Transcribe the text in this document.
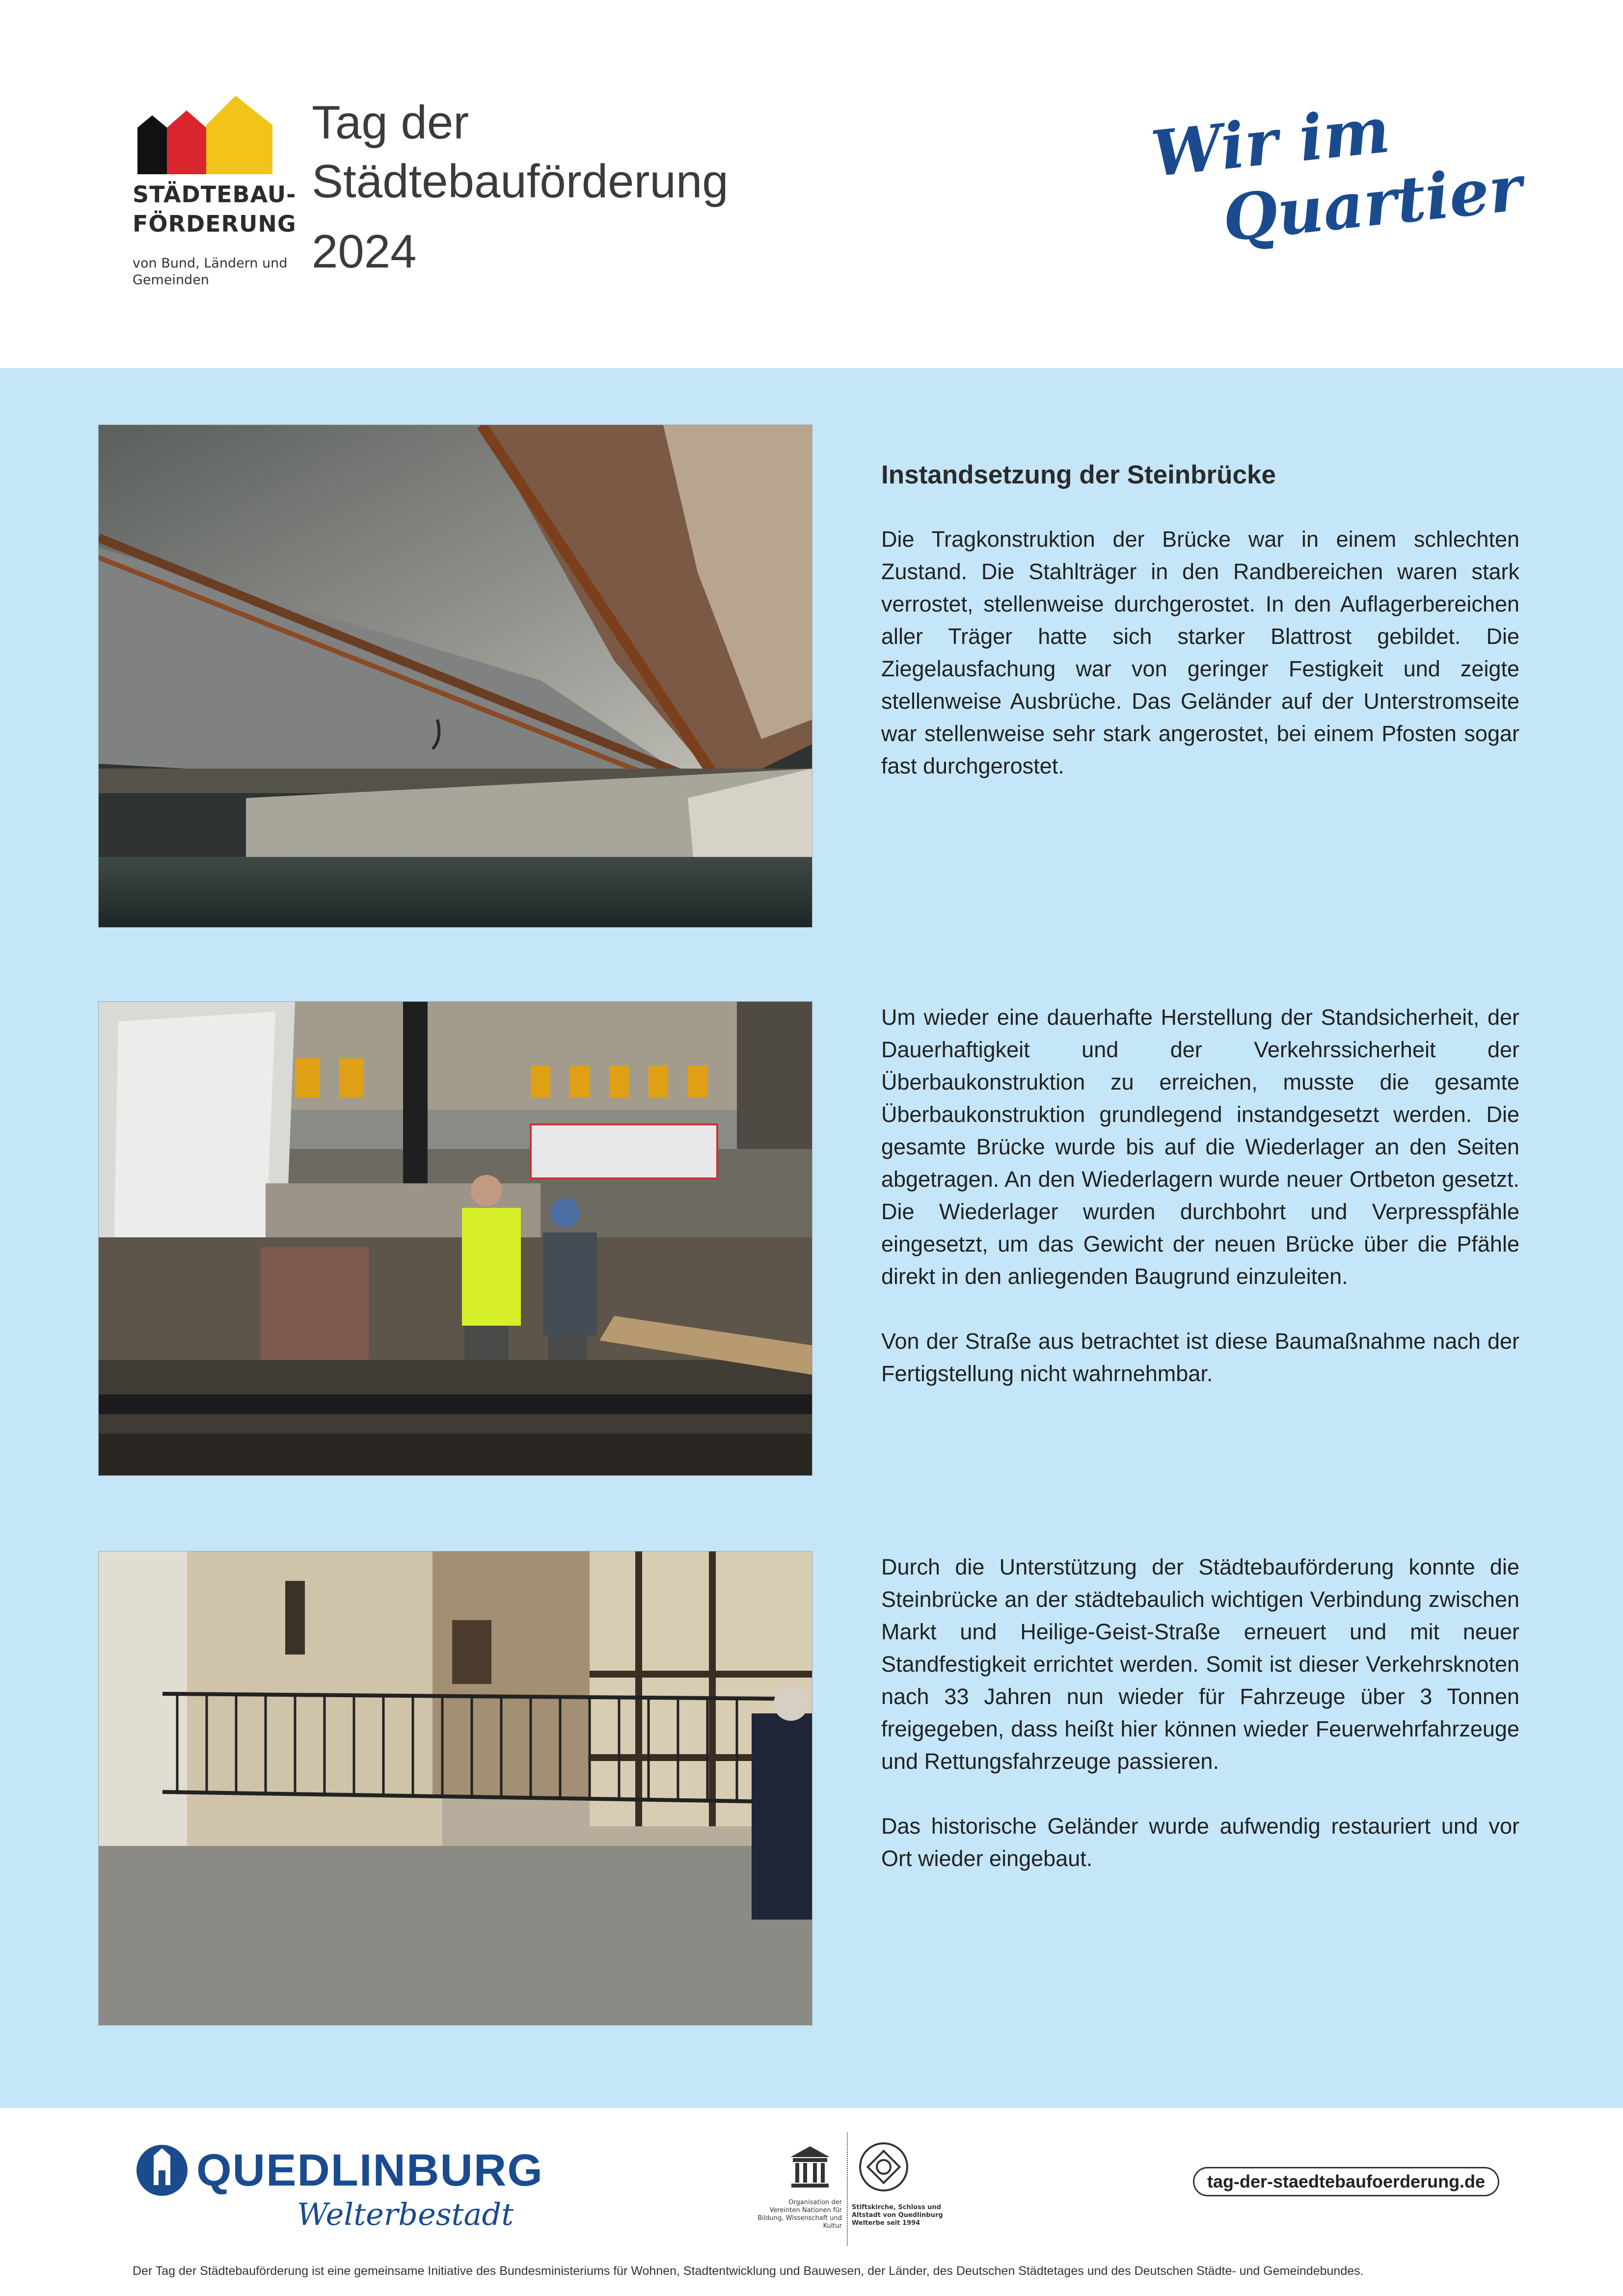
STÄDTEBAU-
FÖRDERUNG
von Bund, Ländern und Gemeinden
Tag der
Städtebauförderung
2024
Wir im
Quartier

Instandsetzung der Steinbrücke

Die Tragkonstruktion der Brücke war in einem schlechten Zustand. Die Stahlträger in den Randbereichen waren stark verrostet, stellenweise durchgerostet. In den Auflagerbereichen aller Träger hatte sich starker Blattrost gebildet. Die Ziegelausfachung war von geringer Festigkeit und zeigte stellenweise Ausbrüche. Das Geländer auf der Unterstromseite war stellenweise sehr stark angerostet, bei einem Pfosten sogar fast durchgerostet.

Um wieder eine dauerhafte Herstellung der Standsicherheit, der Dauerhaftigkeit und der Verkehrssicherheit der Überbaukonstruktion zu erreichen, musste die gesamte Überbaukonstruktion grundlegend instandgesetzt werden. Die gesamte Brücke wurde bis auf die Wiederlager an den Seiten abgetragen. An den Wiederlagern wurde neuer Ortbeton gesetzt. Die Wiederlager wurden durchbohrt und Verpresspfähle eingesetzt, um das Gewicht der neuen Brücke über die Pfähle direkt in den anliegenden Baugrund einzuleiten.

Von der Straße aus betrachtet ist diese Baumaßnahme nach der Fertigstellung nicht wahrnehmbar.

Durch die Unterstützung der Städtebauförderung konnte die Steinbrücke an der städtebaulich wichtigen Verbindung zwischen Markt und Heilige-Geist-Straße erneuert und mit neuer Standfestigkeit errichtet werden. Somit ist dieser Verkehrsknoten nach 33 Jahren nun wieder für Fahrzeuge über 3 Tonnen freigegeben, dass heißt hier können wieder Feuerwehrfahrzeuge und Rettungsfahrzeuge passieren.

Das historische Geländer wurde aufwendig restauriert und vor Ort wieder eingebaut.

QUEDLINBURG
Welterbestadt	Organisation der Vereinten Nationen für Bildung, Wissenschaft und Kultur
Stiftskirche, Schloss und Altstadt von Quedlinburg Welterbe seit 1994
tag-der-staedtebaufoerderung.de
Der Tag der Städtebauförderung ist eine gemeinsame Initiative des Bundesministeriums für Wohnen, Stadtentwicklung und Bauwesen, der Länder, des Deutschen Städtetages und des Deutschen Städte- und Gemeindebundes.
